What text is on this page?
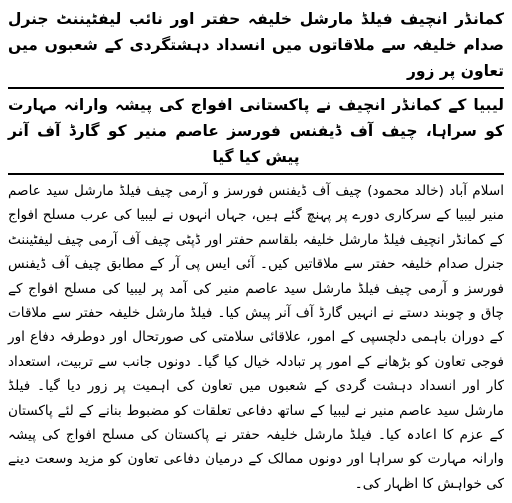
کمانڈر انچیف فیلڈ مارشل خلیفہ حفتر اور نائب لیفٹیننٹ جنرل صدام خلیفہ سے ملاقاتوں میں انسداد دہشتگردی کے شعبوں میں تعاون پر زور
لیبیا کے کمانڈر انچیف نے پاکستانی افواج کی پیشہ وارانہ مہارت کو سراہا، چیف آف ڈیفنس فورسز عاصم منیر کو گارڈ آف آنر پیش کیا گیا

اسلام آباد (خالد محمود) چیف آف ڈیفنس فورسز و آرمی چیف فیلڈ مارشل سید عاصم منیر لیبیا کے سرکاری دورے پر پہنچ گئے ہیں، جہاں انہوں نے لیبیا کی عرب مسلح افواج کے کمانڈر انچیف فیلڈ مارشل خلیفہ بلقاسم حفتر اور ڈپٹی چیف آف آرمی چیف لیفٹیننٹ جنرل صدام خلیفہ حفتر سے ملاقاتیں کیں۔ آئی ایس پی آر کے مطابق چیف آف ڈیفنس فورسز و آرمی چیف فیلڈ مارشل سید عاصم منیر کی آمد پر لیبیا کی مسلح افواج کے چاق و چوبند دستے نے انہیں گارڈ آف آنر پیش کیا۔ فیلڈ مارشل خلیفہ حفتر سے ملاقات کے دوران باہمی دلچسپی کے امور، علاقائی سلامتی کی صورتحال اور دوطرفہ دفاع اور فوجی تعاون کو بڑھانے کے امور پر تبادلہ خیال کیا گیا۔ دونوں جانب سے تربیت، استعداد کار اور انسداد دہشت گردی کے شعبوں میں تعاون کی اہمیت پر زور دیا گیا۔ فیلڈ مارشل سید عاصم منیر نے لیبیا کے ساتھ دفاعی تعلقات کو مضبوط بنانے کے لئے پاکستان کے عزم کا اعادہ کیا۔ فیلڈ مارشل خلیفہ حفتر نے پاکستان کی مسلح افواج کی پیشہ وارانہ مہارت کو سراہا اور دونوں ممالک کے درمیان دفاعی تعاون کو مزید وسعت دینے کی خواہش کا اظہار کی۔
